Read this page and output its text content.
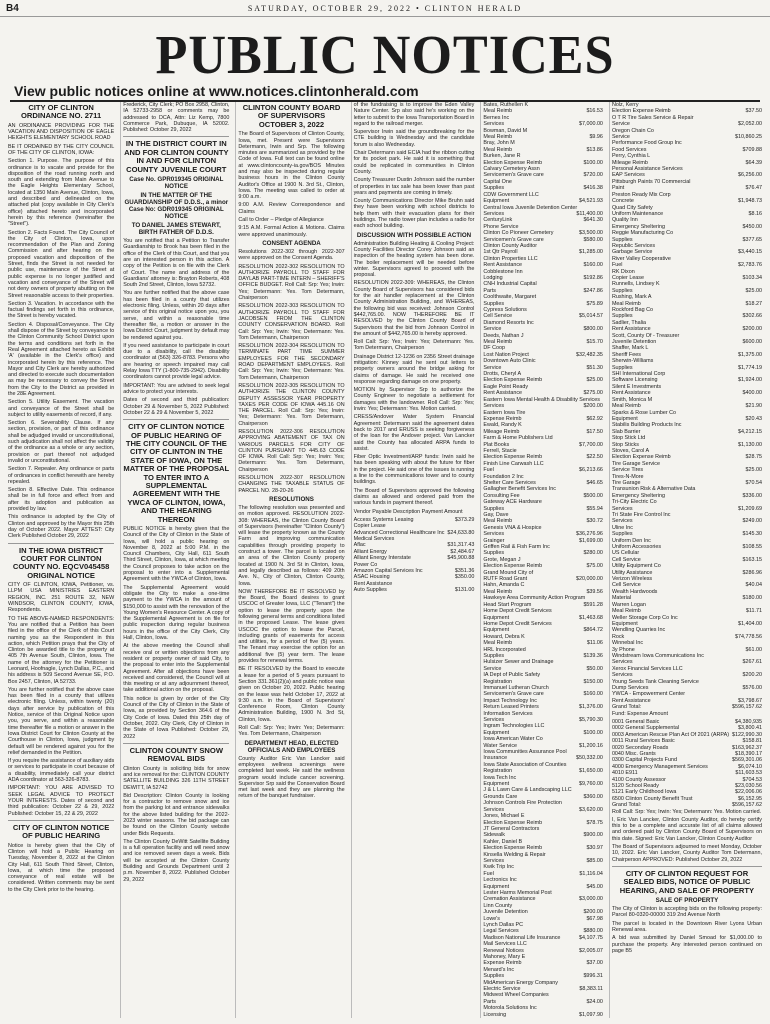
B4	SATURDAY, OCTOBER 29, 2022 • CLINTON HERALD
PUBLIC NOTICES
View public notices online at www.notices.clintonherald.com
CITY OF CLINTON ORDINANCE NO. 2711

AN ORDINANCE PROVIDING FOR THE VACATION AND DISPOSITION OF EAGLE HEIGHTS ELEMENTARY SCHOOL ROAD

BE IT ORDAINED BY THE CITY COUNCIL OF THE CITY OF CLINTON, IOWA:

Section 1. Purpose. The purpose of this ordinance is to vacate and provide for the disposition of the road running north and south and extending from Main Avenue to the Eagle Heights Elementary School, located at 1350 Main Avenue, Clinton, Iowa, and described and delineated on the attached plat (copy available in City Clerk's office) attached hereto and incorporated herein by this reference (hereinafter the "Street").

Section 2. Facts Found. The City Council of the City of Clinton, Iowa, upon recommendation of the Plan and Zoning Commission and after hearing on the proposed vacation and disposition of the Street, finds the Street is not needed for public use, maintenance of the Street at public expense is no longer justified and vacation and conveyance of the Street will not deny owners of property abutting on the Street reasonable access to their properties.

Section 3. Vacation. In accordance with the factual findings set forth in this ordinance, the Street is hereby vacated.

Section 4. Disposal/Conveyance. The City shall dispose of the Street by conveyance to the Clinton Community School District upon the terms and conditions set forth in the Real Agreement attached hereto as Exhibit 'A' (available in the Clerk's office) and incorporated herein by this reference. The Mayor and City Clerk are hereby authorized and directed to execute such documentation as may be necessary to convey the Street from the City to the District as provided in the 28E Agreement.

Section 5. Utility Easement. The vacation and conveyance of the Street shall be subject to utility easements of record, if any.

Section 6. Severability Clause. If any section, provision, or part of this ordinance shall be adjudged invalid or unconstitutional, such adjudication shall not affect the validity of the ordinance as a whole or any section, provision or part thereof not adjudged invalid or unconstitutional.

Section 7. Repealer. Any ordinance or parts of ordinances in conflict herewith are hereby repealed.

Section 8. Effective Date. This ordinance shall be in full force and effect from and after its adoption and publication as provided by law.

This ordinance is adopted by the City of Clinton and approved by the Mayor this 25th day of October 2022. Mayor ATTEST: City Clerk Published October 29, 2022

IN THE IOWA DISTRICT COURT FOR CLINTON COUNTY NO. EQCV045458 ORIGINAL NOTICE

CITY OF CLINTON, IOWA, Petitioner, vs. LLPM USA MINISTRIES EASTERN REGION, INC. 251 ROUTE 32, NEW WINDSOR, CLINTON COUNTY, IOWA, Respondents.

TO THE ABOVE-NAMED RESPONDENTS: You are notified that a Petition has been filed in the office of the Clerk of this Court naming you as the Respondent in this action, which Petition prays that the City of Clinton be awarded title to the property at 405 7th Avenue South, Clinton, Iowa. The name of the attorney for the Petitioner is Leonard, Hoofnagle, Lynch Dallas, P.C., and his address is 509 Second Avenue SE, P.O. Box 2457, Clinton, IA 52733.

You are further notified that the above case has been filed in a county that utilizes electronic filing. Unless, within twenty (20) days after service by publication of this Notice, service of this Original Notice upon you, you serve, and within a reasonable time thereafter file a motion or answer in the Iowa District Court for Clinton County at the Courthouse in Clinton, Iowa, judgment by default will be rendered against you for the relief demanded in the Petition.

If you require the assistance of auxiliary aids or services to participate in court because of a disability, immediately call your district ADA coordinator at 563-326-8783.

IMPORTANT: YOU ARE ADVISED TO SEEK LEGAL ADVICE TO PROTECT YOUR INTERESTS. Dates of second and third publication: October 22 & 29, 2022 Published: October 15, 22 & 29, 2022

CITY OF CLINTON NOTICE OF PUBLIC HEARING

Notice is hereby given that the City of Clinton will hold a Public Hearing on Tuesday, November 8, 2022 at the Clinton City Hall, 611 South Third Street, Clinton, Iowa, at which time the proposed conveyance of real estate will be considered. Written comments may be sent to the City Clerk prior to the hearing.

Frederick, City Clerk; PO Box 2958, Clinton, IA 52733-2958 or comments may be addressed to DCA, Attn: Liz Kemp, 7800 Commerce Park, Dubuque, IA 52002. Published: October 29, 2022

IN THE DISTRICT COURT IN AND FOR CLINTON COUNTY IN AND FOR CLINTON COUNTY JUVENILE COURT
Case No. GPR019345 ORIGINAL NOTICE
IN THE MATTER OF THE GUARDIANSHIP OF D.D.S., a minor Case No: GDR019345 ORIGINAL NOTICE
TO DANIEL JAMES STEWART, BIRTH FATHER OF D.D.S.

You are notified that a Petition to Transfer Guardianship to Brook has been filed in the office of the Clerk of this Court, and that you are an interested person in this action. A copy of the Petition is on file with the Clerk of Court. The name and address of the Guardians' attorney is: Brayton Roberts, 408 South 2nd Street, Clinton, Iowa 52732.

You are further notified that the above case has been filed in a county that utilizes electronic filing. Unless, within 20 days after service of this original notice upon you, you serve, and within a reasonable time thereafter file, a motion or answer in the Iowa District Court, judgment by default may be rendered against you.

If you need assistance to participate in court due to a disability, call the disability coordinator at (563) 326-8783. Persons who are hearing or speech impaired may call Relay Iowa TTY (1-800-735-2942). Disability coordinators cannot provide legal advice.

IMPORTANT: You are advised to seek legal advice to protect your interests.

Dates of second and third publication: October 29 & November 5, 2022 Published: October 22 & 29 & November 5, 2022

CITY OF CLINTON NOTICE OF PUBLIC HEARING OF THE CITY COUNCIL OF THE CITY OF CLINTON IN THE STATE OF IOWA, ON THE MATTER OF THE PROPOSAL TO ENTER INTO A SUPPLEMENTAL AGREEMENT WITH THE YWCA OF CLINTON, IOWA, AND THE HEARING THEREON

PUBLIC NOTICE is hereby given that the Council of the City of Clinton in the State of Iowa, will hold a public hearing on November 8, 2022 at 5:00 P.M. in the Council Chambers, City Hall, 611 South Third Street, Clinton, Iowa, at which meeting the Council proposes to take action on the proposal to enter into a Supplemental Agreement with the YWCA of Clinton, Iowa.

The Supplemental Agreement would obligate the City to make a one-time payment to the YWCA in the amount of $150,000 to assist with the renovation of the Young Women's Resource Center. A copy of the Supplemental Agreement is on file for public inspection during regular business hours in the office of the City Clerk, City Hall, Clinton, Iowa.

At the above meeting the Council shall receive oral or written objections from any resident or property owner of said City, to the proposal to enter into the Supplemental Agreement. After all objections have been received and considered, the Council will at this meeting or at any adjournment thereof, take additional action on the proposal.

This notice is given by order of the City Council of the City of Clinton in the State of Iowa, as provided by Section 364.6 of the City Code of Iowa. Dated this 25th day of October, 2022. City Clerk, City of Clinton in the State of Iowa Published: October 29, 2022

CLINTON COUNTY SNOW REMOVAL BIDS

Clinton County is soliciting bids for snow and ice removal for the: CLINTON COUNTY SATELLITE BUILDING 326 11TH STREET DEWITT, IA 52742

Bid Description: Clinton County is looking for a contractor to remove snow and ice from the parking lot and entrance sidewalks for the above listed building for the 2022-2023 winter seasons. The bid package can be found on the Clinton County website under Bids Requests.

The Clinton County DeWitt Satellite Building is a full operation facility and will need snow and ice removed seven days a week. Bids will be accepted at the Clinton County Building and Grounds Department until 2 p.m. November 8, 2022. Published October 29, 2022

CLINTON COUNTY BOARD OF SUPERVISORS OCTOBER 3, 2022

The Board of Supervisors of Clinton County, Iowa, met. Present were Supervisors Determann, Irwin and Srp. The following minutes are summarized as provided by the Code of Iowa. Full text can be found online at www.clintoncounty-ia.gov/BOS Minutes and may also be inspected during regular business hours in the Clinton County Auditor's Office at 1900 N. 3rd St., Clinton, Iowa. The meeting was called to order at 9:00 a.m.

9:00 A.M. Review Correspondence and Claims

Call to Order – Pledge of Allegiance

9:15 A.M. Formal Action & Motions. Claims were approved unanimously.

CONSENT AGENDA

Resolutions 2022-302 through 2022-307 were approved on the Consent Agenda.

RESOLUTION 2022-302 RESOLUTION TO AUTHORIZE PAYROLL TO STAFF FOR DAYLAB PART-TIME INTERN – SHERIFF'S OFFICE BUDGET. Roll Call: Srp: Yes; Irwin: Yes; Determann: Yes. Tom Determann, Chairperson

RESOLUTION 2022-303 RESOLUTION TO AUTHORIZE PAYROLL TO STAFF FOR JACOBSEN FROM THE CLINTON COUNTY CONSERVATION BOARD. Roll Call: Srp: Yes; Irwin: Yes; Determann: Yes. Tom Determann, Chairperson

RESOLUTION 2022-304 RESOLUTION TO TERMINATE PART TIME SUMMER EMPLOYEES FOR THE SECONDARY ROAD DEPARTMENT EMPLOYEES. Roll Call: Srp: Yes; Irwin: Yes; Determann: Yes. Tom Determann, Chairperson

RESOLUTION 2022-305 RESOLUTION TO AUTHORIZE THE CLINTON COUNTY DEPUTY ASSESSOR YEAR PROPERTY TAXES PER CODE OF IOWA 445.16 ON THE PARCEL. Roll Call: Srp: Yes; Irwin: Yes; Determann: Yes. Tom Determann, Chairperson

RESOLUTION 2022-306 RESOLUTION APPROVING ABATEMENT OF TAX ON VARIOUS PARCELS FOR CITY OF CLINTON PURSUANT TO 445.63 CODE OF IOWA. Roll Call: Srp: Yes; Irwin: Yes; Determann: Yes. Tom Determann, Chairperson

RESOLUTION 2022-307 RESOLUTION CHANGING THE TAXABLE STATUS OF PARCEL NO. 28-20-26

RESOLUTIONS

The following resolution was presented and on motion approved. RESOLUTION 2022-308: WHEREAS, the Clinton County Board of Supervisors (hereinafter "Clinton County") will lease the property known as the County Farm and improving communication capabilities through providing property to construct a tower. The parcel is located on an area of the Clinton County property located at 1900 N. 3rd St in Clinton, Iowa, and legally described as follows: 409 20th Ave. N., City of Clinton, Clinton County, Iowa.

NOW THEREFORE BE IT RESOLVED by the Board, the Board desires to grant USCOC of Greater Iowa, LLC ("Tenant") the option to lease the property upon the following general terms and conditions listed in the proposed Lease. The lease gives USCOC the option to lease the Parcel, including grants of easements for access and utilities, for a period of five (5) years. The Tenant may exercise the option for an additional five (5) year term. The lease provides for renewal terms.

BE IT RESOLVED by the Board to execute a lease for a period of 5 years pursuant to Section 331.361(2)(a) and public notice was given on October 20, 2022. Public hearing on the lease was held October 17, 2022 at 9:30 a.m. in the Board of Supervisors' Conference Room, Clinton County Administration Building, 1900 N. 3rd St, Clinton, Iowa.

Roll Call: Srp: Yes; Irwin: Yes; Determann: Yes. Tom Determann, Chairperson

DEPARTMENT HEAD, ELECTED OFFICIALS AND EMPLOYEES

County Auditor Eric Van Lancker said employees wellness screenings were completed last week. He said the wellness program would include cancer screening. Supervisor Srp said the Conservation Board met last week and they are planning the return of the banquet fundraiser.

of the fundraising is to improve the Eden Valley Nature Center. Srp also said he's working on the letter to submit to the Iowa Transportation Board in regard to the railroad merger.

Supervisor Irwin said the groundbreaking for the CTE building is Wednesday and the candidate forum is also Wednesday.

Chair Determann said ECIA had the ribbon cutting for its pocket park. He said it is something that could be replicated in communities in Clinton County.

County Treasurer Dustin Johnson said the number of properties in tax sale has been lower than past years and payments are coming in timely.

County Communications Director Mike Bruhn said they have been working with school districts to help them with their evacuation plans for their buildings. The radio tower plan includes a radio for each school building.

DISCUSSION WITH POSSIBLE ACTION

Administration Building Heating & Cooling Project: County Facilities Director Corey Johnson said an inspection of the heating system has been done. The boiler replacement will be needed before winter. Supervisors agreed to proceed with the proposal.

RESOLUTION 2022-309: WHEREAS, the Clinton County Board of Supervisors has considered bids for the air handler replacement at the Clinton County Administration Building, and WHEREAS, the following bid was received: Johnson Control $442,765.00. NOW THEREFORE BE IT RESOLVED by the Clinton County Board of Supervisors that the bid from Johnson Control in the amount of $442,765.00 is hereby approved.

Roll Call: Srp: Yes; Irwin: Yes; Determann: Yes. Tom Determann, Chairperson

Drainage District 12-1236 on 2356 Street drainage mitigation: Kinney said he sent out letters to property owners around the bridge asking for claims of damage. He said he received one response regarding damage on one property.

MOTION by Supervisor Srp to authorize the County Engineer to negotiate a settlement for damages with the landowner. Roll Call: Srp: Yes; Irwin: Yes; Determann: Yes. Motion carried.

CRESS/Andover Water System Financial Agreement: Determann said the agreement dates back to 2017 and ERUSS is seeking forgiveness of the loan for the Andover project. Van Lancker said the County has allocated ARPA funds to assist.

Fiber Optic Investment/ARP funds: Irwin said he has been speaking with about the future for fiber in the project. He said one of the issues is running a line to the communications tower and to county buildings.

The Board of Supervisors approved the following claims as allowed and ordered paid from the various funds in payment thereof.

Vendor Payable Description Payment Amount

Access Systems Leasing	$373.29
Copier Lease
Advanced Correctional Healthcare Inc $24,633.80
Medical Services
Aflac	$31,317.43
Alliant Energy	$2,484.67
Alliant Energy Interstate	$45,900.88
Power Co
Amazon Capital Services Inc	$351.36
ASAC Housing	$350.00
Rent Assistance
Auto Supplies	$131.00
Bates, Ruthellen K
Meal Reimb	$16.53
Bernes Inc
Services	$7,000.00
Bowman, David M
Meal Reimb	$9.96
Bray, John M
Meal Reimb	$13.86
Burken, Jane R
Election Expense Reimb	$100.00
Calvary Cemetery Assn
Servicemen's Grave care	$720.00
Capital One
Supplies	$416.38
CDW Government LLC
Equipment	$4,521.93
Central Iowa Juvenile Detention Center
Services	$11,400.00
CenturyLink	$641.30
Phone Service
Clinton Co Pioneer Cemetery	$3,500.00
Servicemen's Grave care	$580.00
Clinton County Auditor
1st Qtr Payroll	$1,285.00
Clinton Properties LLC
Rent Assistance	$160.00
Cobblestone Inn
Lodging	$192.86
CNH Industrial Capital
Parts	$247.86
Coolthwaite, Margaret
Supplies	$75.89
Cypress Solutions
Cell Service	$5,014.57
Diamond Resorts Inc
Service	$800.00
Deeds, Nathan J
Meal Reimb	$15.70
DF Coop
Lost Nation Project	$32,482.35
Downtown Auto Clinic
Service	$51.30
Drotts, Cheryl A
Election Expense Reimb	$25.00
Eagle Point Ready
Rent Assistance	$275.00
Eastern Iowa Mental Health & Disability Services
Services	$200.00
Eastern Iowa Tire
Expense Reimb	$62.92
Ewald, Randy K
Mileage Reimb	$17.50
Farm & Home Publishers Ltd
Plat Books	$7,700.00
Ferrell, Stacie
Election Expense Reimb	$22.50
Finish Line Carwash LLC
Fuel	$6,213.66
Foundation 2 Inc
Shelter Care Services	$46.65
Gallagher Benefit Services Inc
Consulting Fee	$500.00
Gateway ACE Hardware
Supplies	$55.94
Gay, Dave
Meal Reimb	$30.72
Genesis VNA & Hospice
Services	$36,276.96
Grainger	$1,699.00
Griffen Rail & Fish Farm Inc
Supplies	$280.00
Grote, Megan J
Election Expense Reimb	$75.00
Grand Mound City of
RUTF Road Grant	$20,000.00
Hahn, Amanda C
Meal Reimb	$39.56
Hawkeye Area Community Action Program
Head Start Program	$591.28
Home Depot Credit Services
Equipment	$1,463.68
Home Depot Credit Services
Equipment	$864.72
Howard, Debra K
Meal Reimb	$11.06
HRL Incorporated
Supplies	$139.36
Hulsizer Sewer and Drainage
Service	$50.00
IA Dept of Public Safety
Registration	$150.00
Immanuel Lutheran Church
Servicemen's Grave care	$160.00
Impact Technology Inc
Return Leased Printers	$1,376.00
Information Services
Services	$5,790.30
Ingram Technologies LLC
Equipment	$100.00
Iowa American Water Co
Water Service	$1,200.16
Iowa Communities Assurance Pool
Insurance	$50,332.00
Iowa State Association of Counties
Registration	$1,650.00
Iowa Tech Inc
Equipment	$9,760.00
J & L Lawn Care & Landscaping LLC
Grounds Care	$360.00
Johnson Controls Fire Protection
Services	$3,620.00
Jones, Michael E
Election Expense Reimb	$78.75
JT General Contractors
Sidewalk	$900.00
Kahler, Daniel B
Election Expense Reimb	$30.97
Kinsella Welding & Repair
Services	$85.00
Kwik Trip Inc
Fuel	$1,116.04
Lectronics Inc
Equipment	$45.00
Lester Harms Memorial Post
Cremation Assistance	$3,000.00
Linn County
Juvenile Detention	$200.00
Lowe's	$67.98
Lynch Dallas PC
Legal Services	$880.00
Madison National Life Insurance	$4,107.75
Mail Services LLC
Renewal Notices	$2,005.07
Mahoney, Mary E
Expense Reimb	$37.00
Menard's Inc
Supplies	$996.31
MidAmerican Energy Company
Electric Service	$8,383.11
Midwest Wheel Companies
Parts	$24.00
Motorola Solutions Inc
Licensing	$1,097.90
Nolz, Kerry
Election Expense Reimb	$37.50
O T R Tire Sales Service & Repair
Service	$2,052.00
Oregon Chain Co
Service	$10,860.25
Performance Food Group Inc
Food Services	$709.88
Perry, Cynthia L
Mileage Reimb	$64.39
Personal Assistance Services
EAP Services	$6,256.00
Pittsburgh Paints 70 Commercial
Paint	$76.47
Preston Ready Mix Corp
Concrete	$1,948.73
Quad City Safety
Uniform Maintenance	$8.16
Quality Inn
Emergency Sheltering	$450.00
Reggie Manufacturing Co
Supplies	$377.65
Republic Services
Garbage Service	$3,440.15
River Valley Cooperative
Fuel	$2,783.76
RK Dixon
Copier Lease	$103.34
Runnells, Lindsey K
Supplies	$25.00
Rushing, Mark A
Meal Reimb	$18.27
Rockford Bag Co
Supplies	$302.66
Sadlier, Thalia
Rent Assistance	$200.00
Scott, County Of - Treasurer
Juvenile Detention	$600.00
Shaffer, Mark L
Sheriff Fees	$1,375.00
Sherwin-Williams
Supplies	$1,774.19
SHI International Corp
Software Licensing	$1,924.00
Silent E Investments
Rent Assistance	$400.00
Smith, Monica M
Meal Reimb	$21.90
Sparks & Rose Lumber Co
Equipment	$20.43
Stabilis Building Products Inc
Slab Barrier	$4,212.15
Stop Stick Ltd
Stop Sticks	$1,130.00
Stoves, Carol A
Election Expense Reimb	$28.75
Tire Garage Service
Service Tires	$25.00
Tires-N-More
Tire Garage	$70.54
Transunion Risk & Alternative Data
Emergency Sheltering	$336.00
Tri-City Electric Co
Services	$1,209.69
Tri State Fire Control Inc
Services	$249.00
Uline Inc
Supplies	$145.30
Uniform Den Inc
Uniform Accessories	$108.55
US Cellular
Cell Service	$163.15
Utility Equipment Co
Utility Assistance	$286.96
Verizon Wireless
Cell Service	$40.04
Wealth Hardwoods
Material	$180.00
Warren Logan
Meal Reimb	$11.71
Weller Storage Corp Co Inc
Equipment	$1,404.00
Wendling Quarries Inc
Rock	$74,778.56
Winnebal Inc
3y Phone	$61.00
Windstream Iowa Communications Inc
Services	$267.61
Xerox Financial Services LLC
Services	$200.20
Young Seeds Tank Cleaning Service
Dump Services	$576.00
YWCA - Empowerment Center
Rent Assistance	$3,798.67
Grand Total:	$596,157.62

Fund: Expense Amount

0001 General Basic	$4,380,935
0002 General Supplemental	$3,800.41
0003 American Rescue Plan Act Of 2021 (ARPA) $122,990.30
0011 Rural Services Basic	$158.81
0020 Secondary Roads	$163,962.37
0040 Misc. Grants	$18,390.17
0300 Capital Projects Fund	$569,301.06
4000 Emergency Management Services	$6,074.10
4010 E911	$11,603.53
4100 County Assessor	$704.53
5120 School Ready	$23,030.56
5121 Early Childhood Iowa	$22,006.06
6500 Clinton County Benefit Trust	$6,152.95
Grand Total:	$596,157.62

Roll Call: Srp: Yes; Irwin: Yes; Determann: Yes. Motion carried.

I, Eric Van Lancker, Clinton County Auditor, do hereby certify this to be a complete and accurate list of all claims allowed and ordered paid by Clinton County Board of Supervisors on this date. Signed: Eric Van Lancker, Clinton County Auditor

The Board of Supervisors adjourned to meet Monday, October 10, 2022. Eric Van Lancker, County Auditor Tom Determann, Chairperson APPROVED: Published October 29, 2022

CITY OF CLINTON REQUEST FOR SEALED BIDS, NOTICE OF PUBLIC HEARING, AND SALE OF PROPERTY
SALE OF PROPERTY

The City of Clinton is accepting bids on the following property: Parcel 80-0320-00000 319 2nd Avenue North

The parcel is located in the Downtown River Lyons Urban Renewal area.

A bid was submitted by Daniel Smoad for $1,000.00 to purchase the property. Any interested person continued on page B5
